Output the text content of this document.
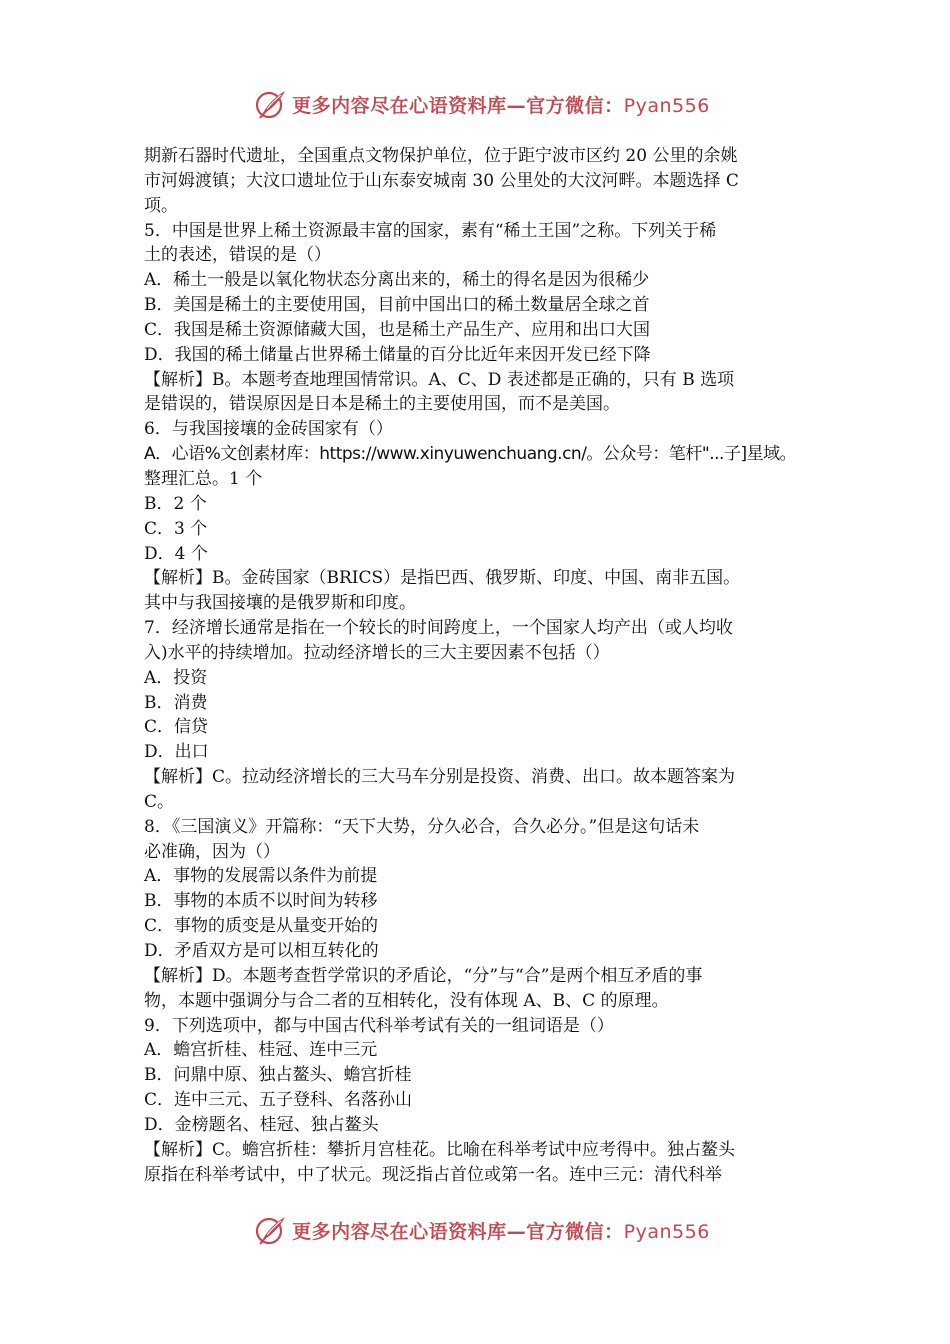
更多内容尽在心语资料库—官方微信：Pyan556

期新石器时代遗址，全国重点文物保护单位，位于距宁波市区约 20 公里的余姚

市河姆渡镇；大汶口遗址位于山东泰安城南 30 公里处的大汶河畔。本题选择 C

项。

5．中国是世界上稀土资源最丰富的国家，素有“稀土王国”之称。下列关于稀

土的表述，错误的是（）

A．稀土一般是以氧化物状态分离出来的，稀土的得名是因为很稀少

B．美国是稀土的主要使用国，目前中国出口的稀土数量居全球之首

C．我国是稀土资源储藏大国，也是稀土产品生产、应用和出口大国

D．我国的稀土储量占世界稀土储量的百分比近年来因开发已经下降

【解析】B。本题考查地理国情常识。A、C、D 表述都是正确的，只有 B 选项

是错误的，错误原因是日本是稀土的主要使用国，而不是美国。

6．与我国接壤的金砖国家有（）

A．心语%文创素材库：https://www.xinyuwenchuang.cn/。公众号：笔杆"...子]星域。

整理汇总。1 个

B．2 个

C．3 个

D．4 个

【解析】B。金砖国家（BRICS）是指巴西、俄罗斯、印度、中国、南非五国。

其中与我国接壤的是俄罗斯和印度。

7．经济增长通常是指在一个较长的时间跨度上，一个国家人均产出（或人均收

入)水平的持续增加。拉动经济增长的三大主要因素不包括（）

A．投资

B．消费

C．信贷

D．出口

【解析】C。拉动经济增长的三大马车分别是投资、消费、出口。故本题答案为

C。

8．《三国演义》开篇称：“天下大势，分久必合，合久必分。”但是这句话未

必准确，因为（）

A．事物的发展需以条件为前提

B．事物的本质不以时间为转移

C．事物的质变是从量变开始的

D．矛盾双方是可以相互转化的

【解析】D。本题考查哲学常识的矛盾论，“分”与“合”是两个相互矛盾的事

物，本题中强调分与合二者的互相转化，没有体现 A、B、C 的原理。

9．下列选项中，都与中国古代科举考试有关的一组词语是（）

A．蟾宫折桂、桂冠、连中三元

B．问鼎中原、独占鳌头、蟾宫折桂

C．连中三元、五子登科、名落孙山

D．金榜题名、桂冠、独占鳌头

【解析】C。蟾宫折桂：攀折月宫桂花。比喻在科举考试中应考得中。独占鳌头

原指在科举考试中，中了状元。现泛指占首位或第一名。连中三元：清代科举

更多内容尽在心语资料库—官方微信：Pyan556
